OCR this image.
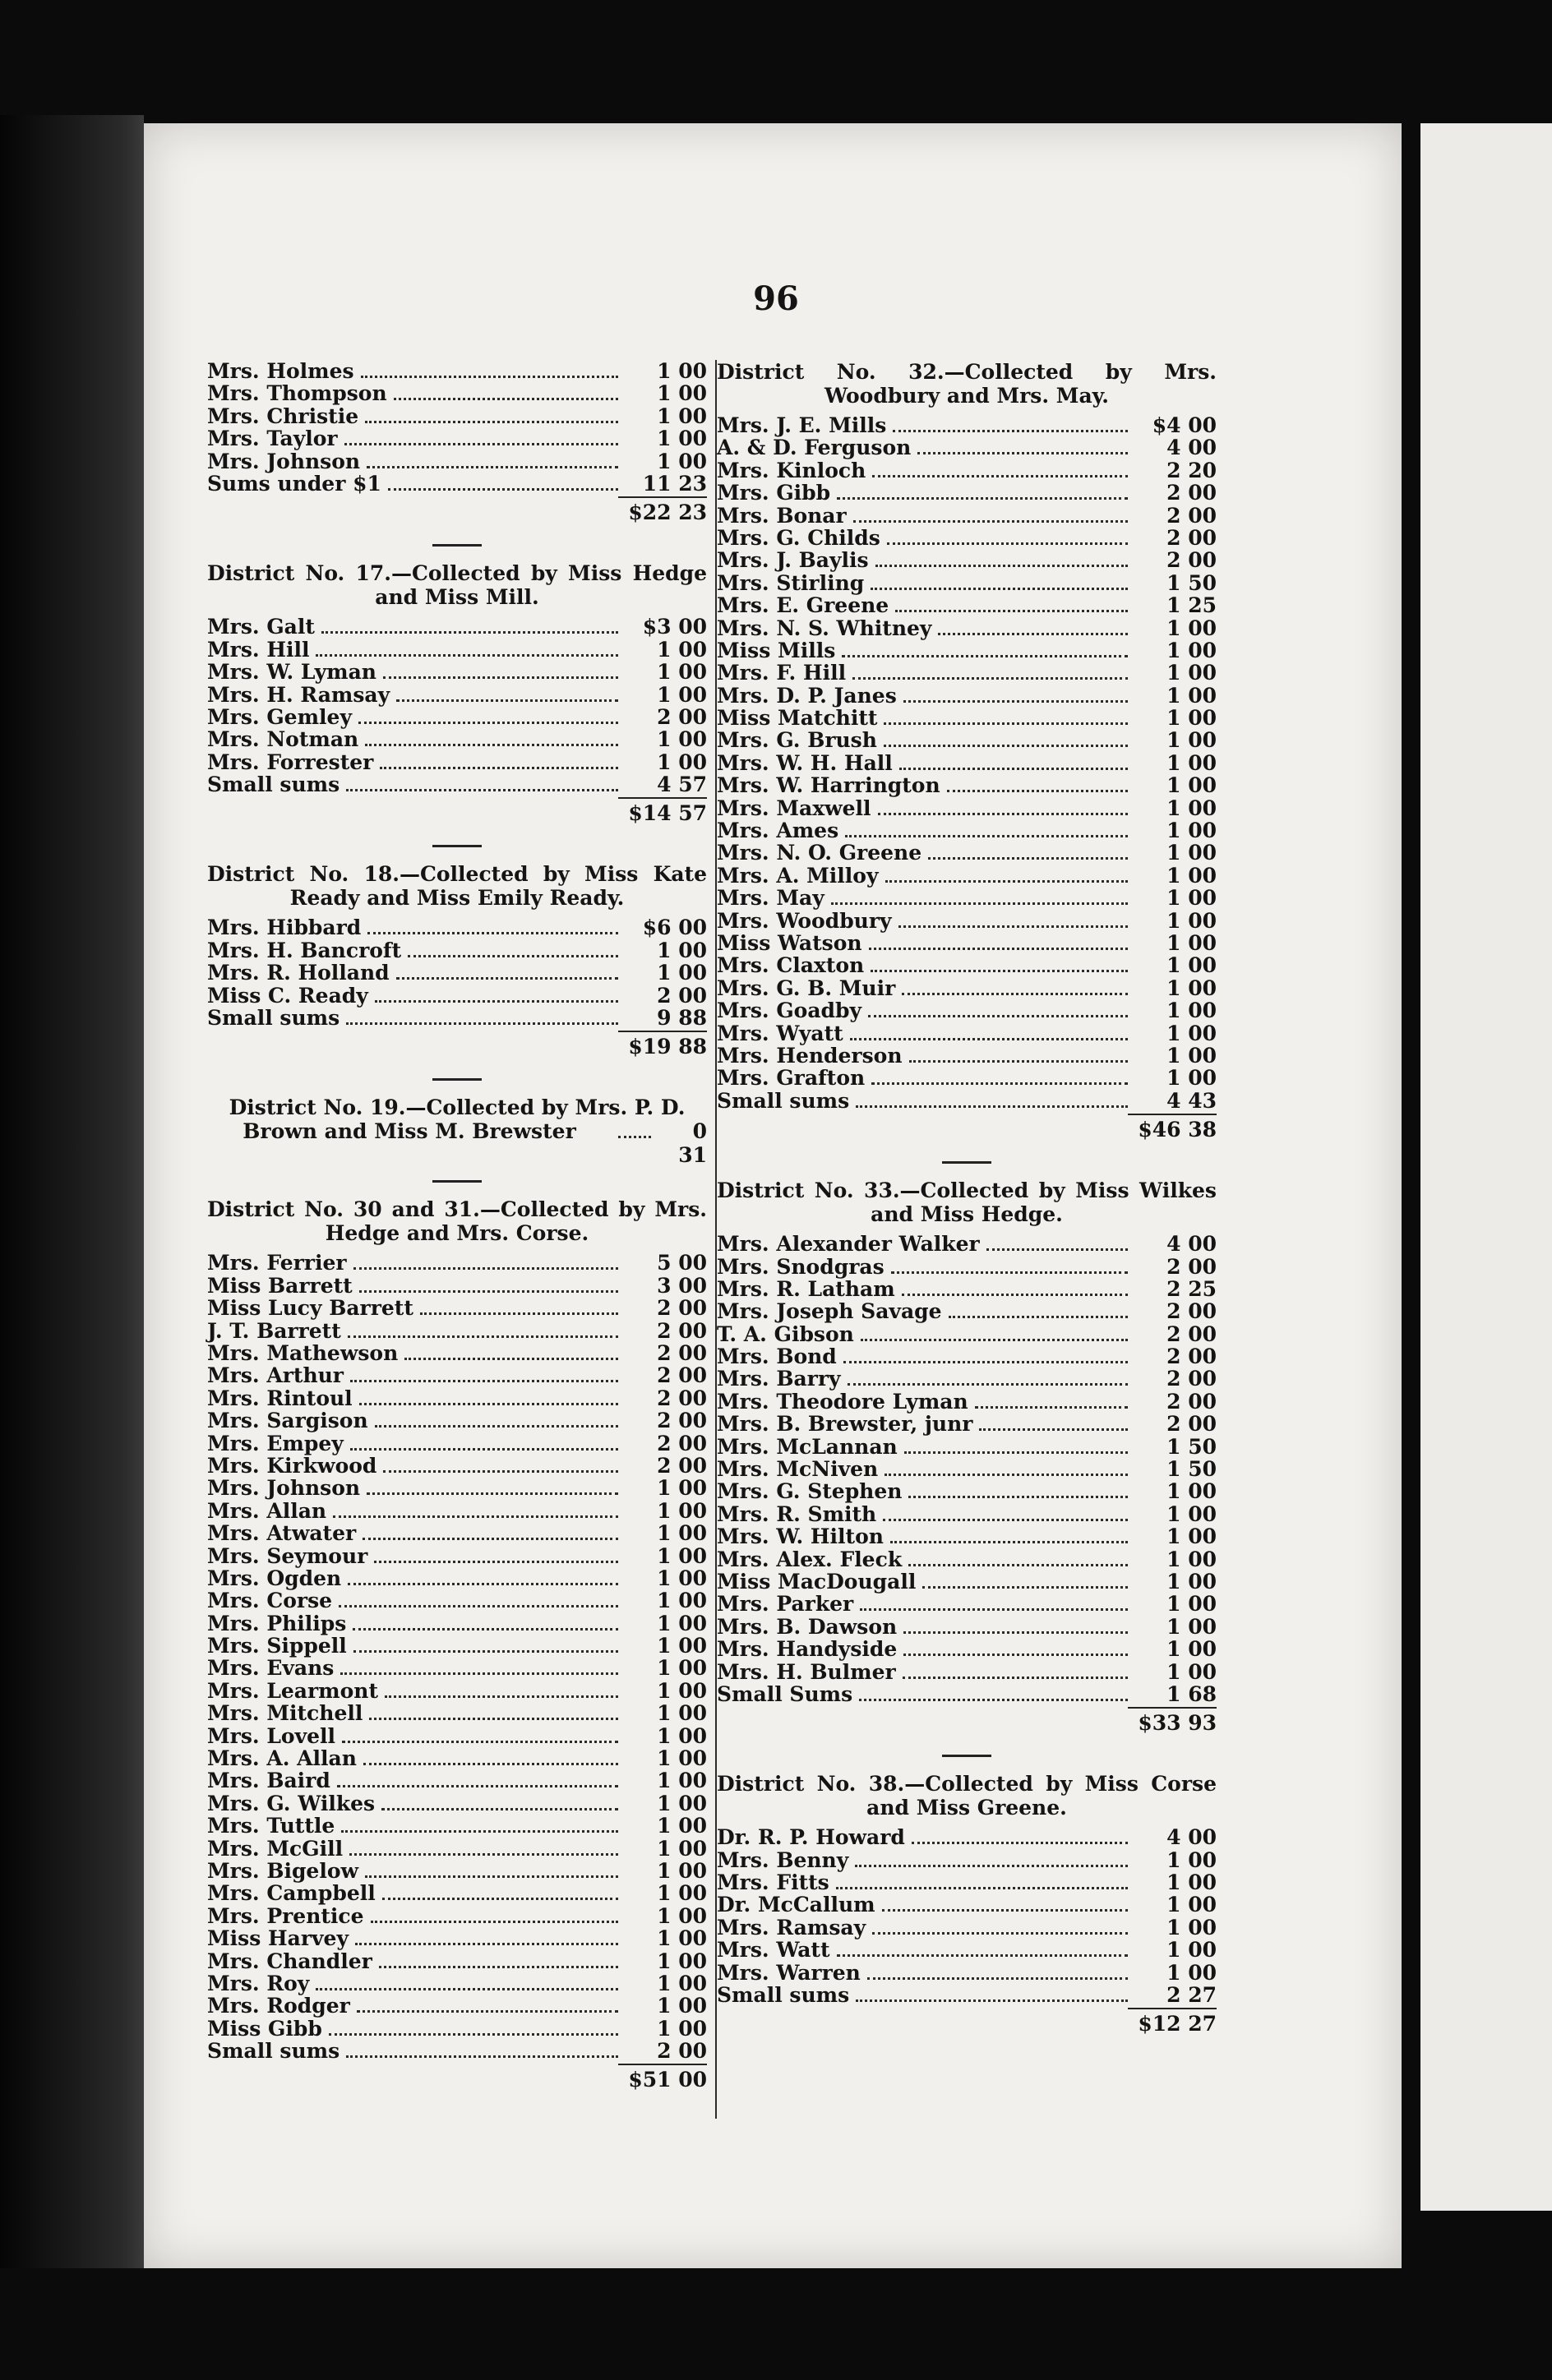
96
Mrs. Holmes	1 00
Mrs. Thompson	1 00
Mrs. Christie	1 00
Mrs. Taylor	1 00
Mrs. Johnson	1 00
Sums under $1	11 23
$22 23
District No. 17.—Collected by Miss Hedge and Miss Mill.
Mrs. Galt	$3 00
Mrs. Hill	1 00
Mrs. W. Lyman	1 00
Mrs. H. Ramsay	1 00
Mrs. Gemley	2 00
Mrs. Notman	1 00
Mrs. Forrester	1 00
Small sums	4 57
$14 57
District No. 18.—Collected by Miss Kate Ready and Miss Emily Ready.
Mrs. Hibbard	$6 00
Mrs. H. Bancroft	1 00
Mrs. R. Holland	1 00
Miss C. Ready	2 00
Small sums	9 88
$19 88
District No. 19.—Collected by Mrs. P. D.
Brown and Miss M. Brewster	0 31
District No. 30 and 31.—Collected by Mrs. Hedge and Mrs. Corse.
Mrs. Ferrier	5 00
Miss Barrett	3 00
Miss Lucy Barrett	2 00
J. T. Barrett	2 00
Mrs. Mathewson	2 00
Mrs. Arthur	2 00
Mrs. Rintoul	2 00
Mrs. Sargison	2 00
Mrs. Empey	2 00
Mrs. Kirkwood	2 00
Mrs. Johnson	1 00
Mrs. Allan	1 00
Mrs. Atwater	1 00
Mrs. Seymour	1 00
Mrs. Ogden	1 00
Mrs. Corse	1 00
Mrs. Philips	1 00
Mrs. Sippell	1 00
Mrs. Evans	1 00
Mrs. Learmont	1 00
Mrs. Mitchell	1 00
Mrs. Lovell	1 00
Mrs. A. Allan	1 00
Mrs. Baird	1 00
Mrs. G. Wilkes	1 00
Mrs. Tuttle	1 00
Mrs. McGill	1 00
Mrs. Bigelow	1 00
Mrs. Campbell	1 00
Mrs. Prentice	1 00
Miss Harvey	1 00
Mrs. Chandler	1 00
Mrs. Roy	1 00
Mrs. Rodger	1 00
Miss Gibb	1 00
Small sums	2 00
$51 00
District No. 32.—Collected by Mrs. Woodbury and Mrs. May.
Mrs. J. E. Mills	$4 00
A. & D. Ferguson	4 00
Mrs. Kinloch	2 20
Mrs. Gibb	2 00
Mrs. Bonar	2 00
Mrs. G. Childs	2 00
Mrs. J. Baylis	2 00
Mrs. Stirling	1 50
Mrs. E. Greene	1 25
Mrs. N. S. Whitney	1 00
Miss Mills	1 00
Mrs. F. Hill	1 00
Mrs. D. P. Janes	1 00
Miss Matchitt	1 00
Mrs. G. Brush	1 00
Mrs. W. H. Hall	1 00
Mrs. W. Harrington	1 00
Mrs. Maxwell	1 00
Mrs. Ames	1 00
Mrs. N. O. Greene	1 00
Mrs. A. Milloy	1 00
Mrs. May	1 00
Mrs. Woodbury	1 00
Miss Watson	1 00
Mrs. Claxton	1 00
Mrs. G. B. Muir	1 00
Mrs. Goadby	1 00
Mrs. Wyatt	1 00
Mrs. Henderson	1 00
Mrs. Grafton	1 00
Small sums	4 43
$46 38
District No. 33.—Collected by Miss Wilkes and Miss Hedge.
Mrs. Alexander Walker	4 00
Mrs. Snodgras	2 00
Mrs. R. Latham	2 25
Mrs. Joseph Savage	2 00
T. A. Gibson	2 00
Mrs. Bond	2 00
Mrs. Barry	2 00
Mrs. Theodore Lyman	2 00
Mrs. B. Brewster, junr	2 00
Mrs. McLannan	1 50
Mrs. McNiven	1 50
Mrs. G. Stephen	1 00
Mrs. R. Smith	1 00
Mrs. W. Hilton	1 00
Mrs. Alex. Fleck	1 00
Miss MacDougall	1 00
Mrs. Parker	1 00
Mrs. B. Dawson	1 00
Mrs. Handyside	1 00
Mrs. H. Bulmer	1 00
Small Sums	1 68
$33 93
District No. 38.—Collected by Miss Corse and Miss Greene.
Dr. R. P. Howard	4 00
Mrs. Benny	1 00
Mrs. Fitts	1 00
Dr. McCallum	1 00
Mrs. Ramsay	1 00
Mrs. Watt	1 00
Mrs. Warren	1 00
Small sums	2 27
$12 27
